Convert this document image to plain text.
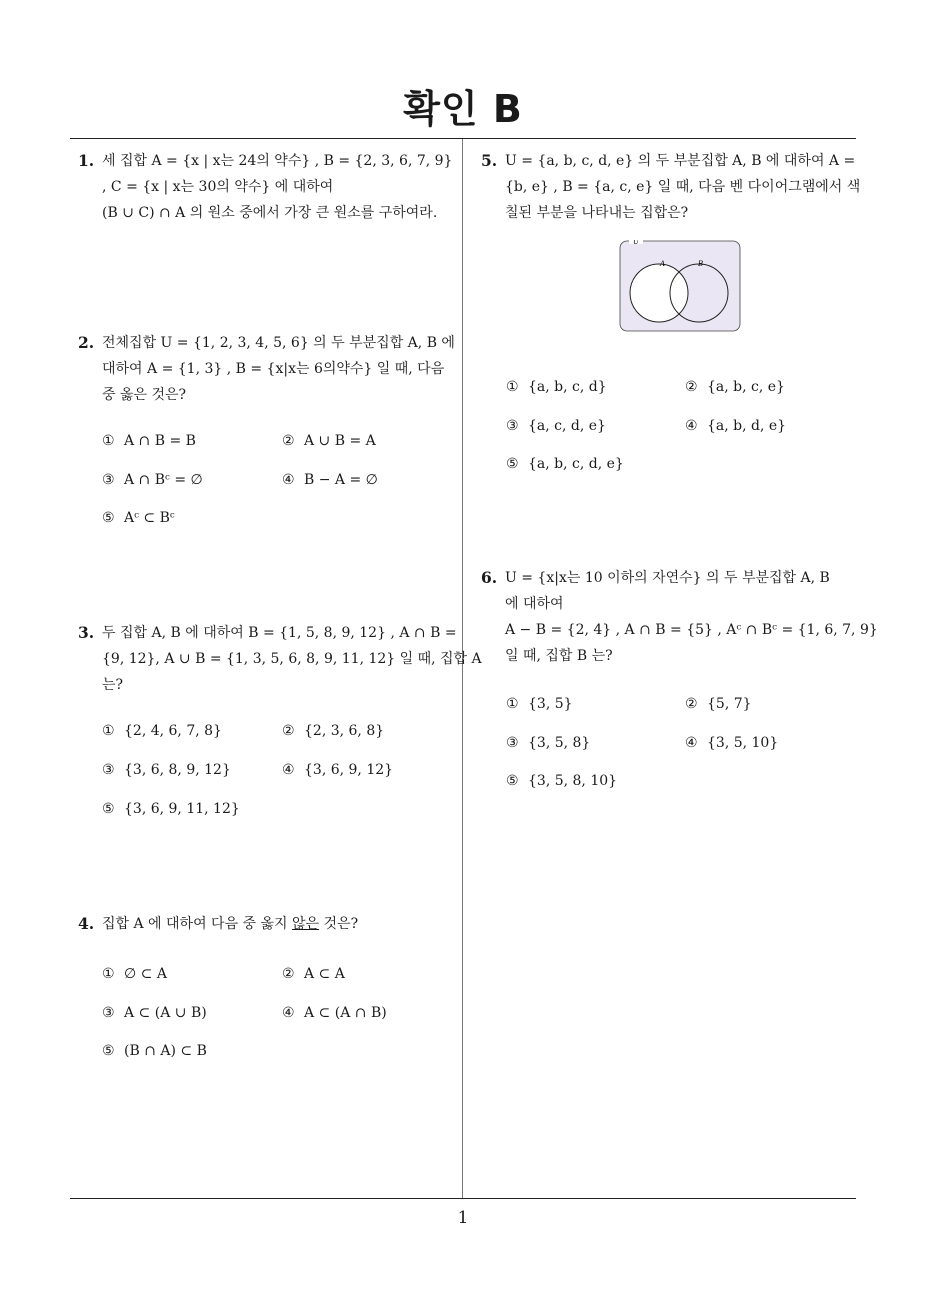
확인 B
1
1. 세 집합 A = {x | x는 24의 약수} , B = {2, 3, 6, 7, 9}
, C = {x | x는 30의 약수} 에 대하여
(B ∪ C) ∩ A 의 원소 중에서 가장 큰 원소를 구하여라.
2. 전체집합 U = {1, 2, 3, 4, 5, 6} 의 두 부분집합 A, B 에
대하여 A = {1, 3} , B = {x|x는 6의약수} 일 때, 다음
중 옳은 것은?
① A ∩ B = B	② A ∪ B = A
③ A ∩ Bᶜ = ∅	④ B − A = ∅
⑤ Aᶜ ⊂ Bᶜ
3. 두 집합 A, B 에 대하여 B = {1, 5, 8, 9, 12} , A ∩ B =
{9, 12}, A ∪ B = {1, 3, 5, 6, 8, 9, 11, 12} 일 때, 집합 A
는?
① {2, 4, 6, 7, 8}	② {2, 3, 6, 8}
③ {3, 6, 8, 9, 12}	④ {3, 6, 9, 12}
⑤ {3, 6, 9, 11, 12}
4. 집합 A 에 대하여 다음 중 옳지 않은 것은?
① ∅ ⊂ A	② A ⊂ A
③ A ⊂ (A ∪ B)	④ A ⊂ (A ∩ B)
⑤ (B ∩ A) ⊂ B
5. U = {a, b, c, d, e} 의 두 부분집합 A, B 에 대하여 A =
{b, e} , B = {a, c, e} 일 때, 다음 벤 다이어그램에서 색
칠된 부분을 나타내는 집합은?
U
A	B
① {a, b, c, d}	② {a, b, c, e}
③ {a, c, d, e}	④ {a, b, d, e}
⑤ {a, b, c, d, e}
6. U = {x|x는 10 이하의 자연수} 의 두 부분집합 A, B
에 대하여
A − B = {2, 4} , A ∩ B = {5} , Aᶜ ∩ Bᶜ = {1, 6, 7, 9}
일 때, 집합 B 는?
① {3, 5}	② {5, 7}
③ {3, 5, 8}	④ {3, 5, 10}
⑤ {3, 5, 8, 10}
